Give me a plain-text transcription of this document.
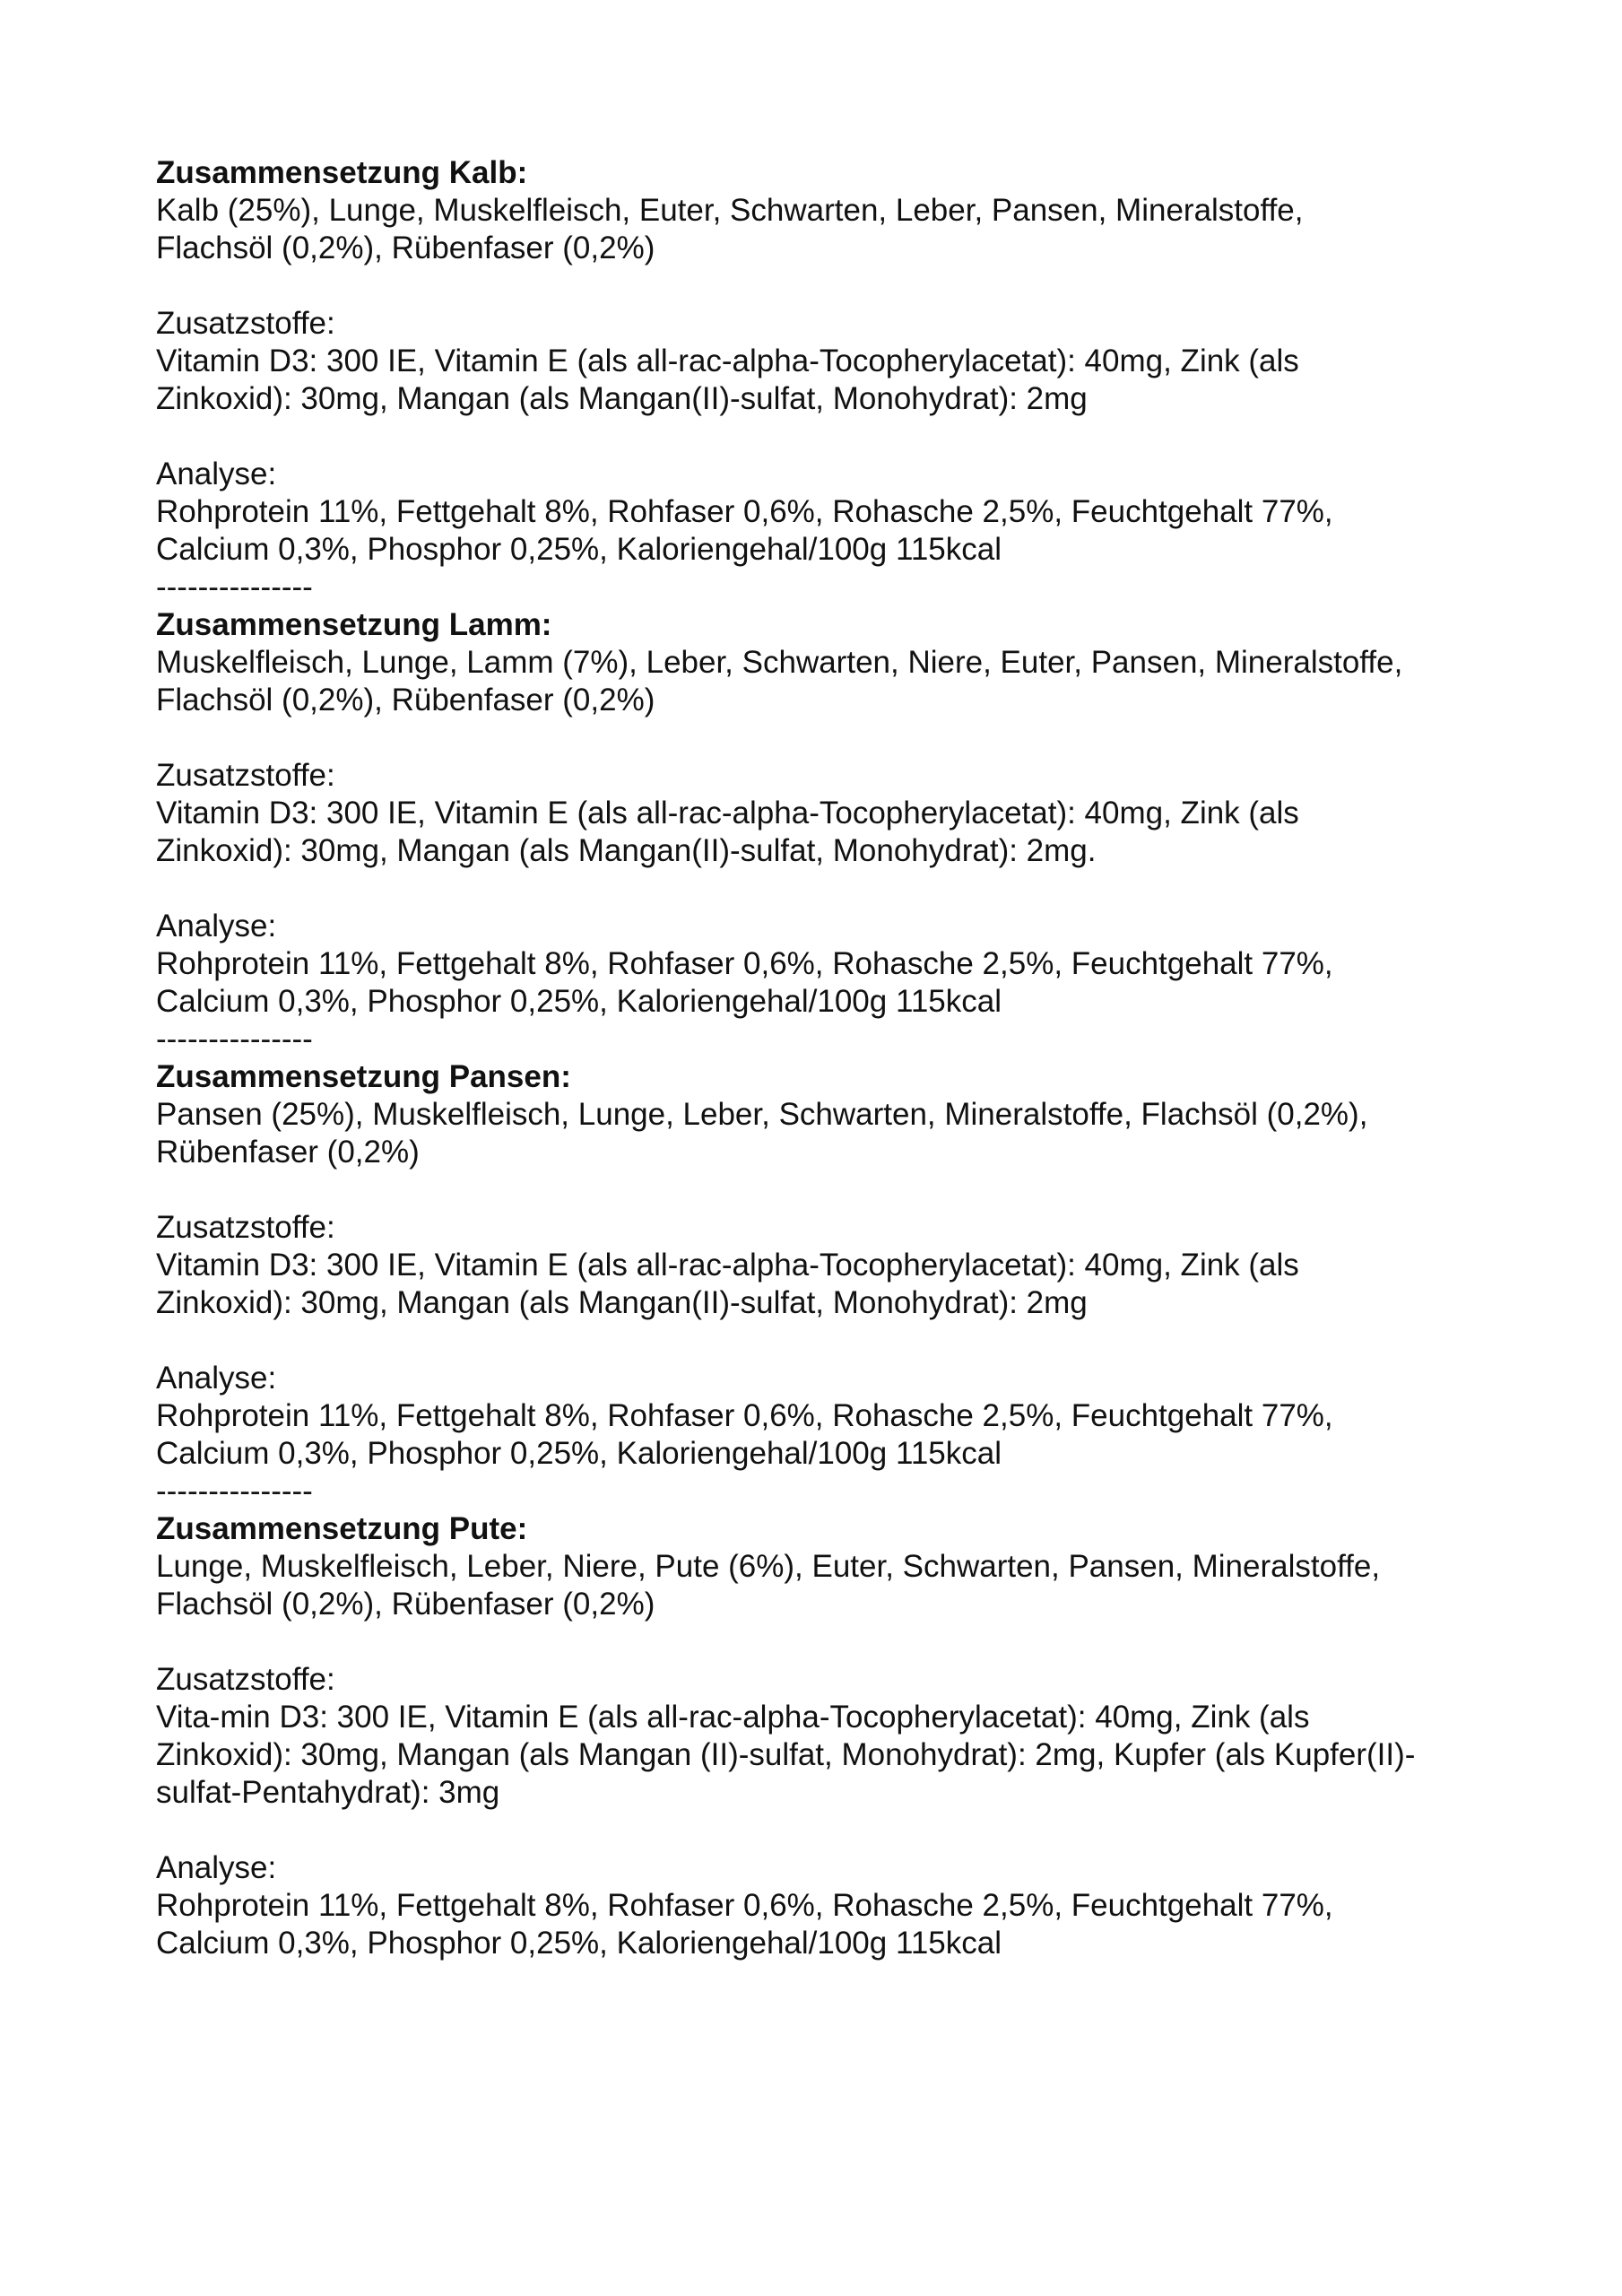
Zusammensetzung Kalb:
Kalb (25%), Lunge, Muskelfleisch, Euter, Schwarten, Leber, Pansen, Mineralstoffe,
Flachsöl (0,2%), Rübenfaser (0,2%)
Zusatzstoffe:
Vitamin D3: 300 IE, Vitamin E (als all-rac-alpha-Tocopherylacetat): 40mg, Zink (als
Zinkoxid): 30mg, Mangan (als Mangan(II)-sulfat, Monohydrat): 2mg
Analyse:
Rohprotein 11%, Fettgehalt 8%, Rohfaser 0,6%, Rohasche 2,5%, Feuchtgehalt 77%,
Calcium 0,3%, Phosphor 0,25%, Kaloriengehal/100g 115kcal
---------------
Zusammensetzung Lamm:
Muskelfleisch, Lunge, Lamm (7%), Leber, Schwarten, Niere, Euter, Pansen, Mineralstoffe,
Flachsöl (0,2%), Rübenfaser (0,2%)
Zusatzstoffe:
Vitamin D3: 300 IE, Vitamin E (als all-rac-alpha-Tocopherylacetat): 40mg, Zink (als
Zinkoxid): 30mg, Mangan (als Mangan(II)-sulfat, Monohydrat): 2mg.
Analyse:
Rohprotein 11%, Fettgehalt 8%, Rohfaser 0,6%, Rohasche 2,5%, Feuchtgehalt 77%,
Calcium 0,3%, Phosphor 0,25%, Kaloriengehal/100g 115kcal
---------------
Zusammensetzung Pansen:
Pansen (25%), Muskelfleisch, Lunge, Leber, Schwarten, Mineralstoffe, Flachsöl (0,2%),
Rübenfaser (0,2%)
Zusatzstoffe:
Vitamin D3: 300 IE, Vitamin E (als all-rac-alpha-Tocopherylacetat): 40mg, Zink (als
Zinkoxid): 30mg, Mangan (als Mangan(II)-sulfat, Monohydrat): 2mg
Analyse:
Rohprotein 11%, Fettgehalt 8%, Rohfaser 0,6%, Rohasche 2,5%, Feuchtgehalt 77%,
Calcium 0,3%, Phosphor 0,25%, Kaloriengehal/100g 115kcal
---------------
Zusammensetzung Pute:
Lunge, Muskelfleisch, Leber, Niere, Pute (6%), Euter, Schwarten, Pansen, Mineralstoffe,
Flachsöl (0,2%), Rübenfaser (0,2%)
Zusatzstoffe:
Vita-min D3: 300 IE, Vitamin E (als all-rac-alpha-Tocopherylacetat): 40mg, Zink (als
Zinkoxid): 30mg, Mangan (als Mangan (II)-sulfat, Monohydrat): 2mg, Kupfer (als Kupfer(II)-
sulfat-Pentahydrat): 3mg
Analyse:
Rohprotein 11%, Fettgehalt 8%, Rohfaser 0,6%, Rohasche 2,5%, Feuchtgehalt 77%,
Calcium 0,3%, Phosphor 0,25%, Kaloriengehal/100g 115kcal
